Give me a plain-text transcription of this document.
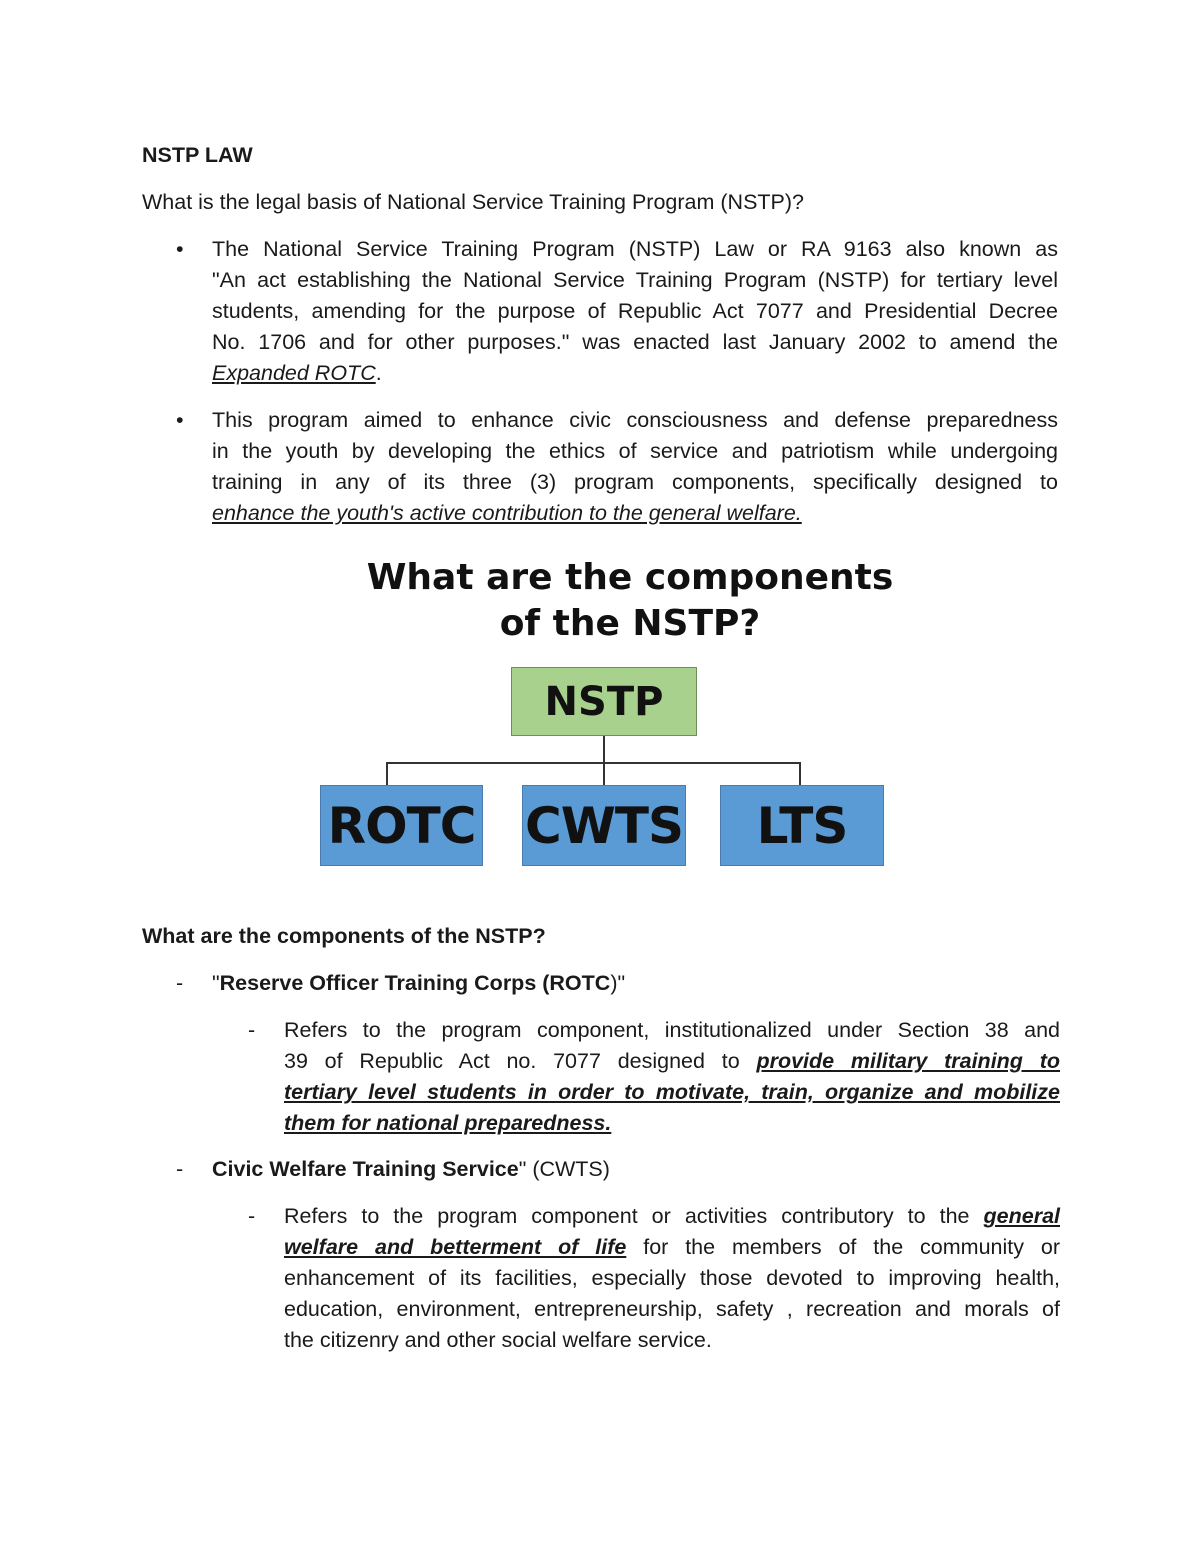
NSTP LAW
What is the legal basis of National Service Training Program (NSTP)?
• The National Service Training Program (NSTP) Law or RA 9163 also known as
"An act establishing the National Service Training Program (NSTP) for tertiary level
students, amending for the purpose of Republic Act 7077 and Presidential Decree
No. 1706 and for other purposes." was enacted last January 2002 to amend the
Expanded ROTC.
• This program aimed to enhance civic consciousness and defense preparedness
in the youth by developing the ethics of service and patriotism while undergoing
training in any of its three (3) program components, specifically designed to
enhance the youth's active contribution to the general welfare.
What are the components
of the NSTP?
NSTP
ROTC CWTS	LTS
What are the components of the NSTP?
- "Reserve Officer Training Corps (ROTC)"
- Refers to the program component, institutionalized under Section 38 and
39 of Republic Act no. 7077 designed to provide military training to
tertiary level students in order to motivate, train, organize and mobilize
them for national preparedness.
- Civic Welfare Training Service" (CWTS)
- Refers to the program component or activities contributory to the general
welfare and betterment of life for the members of the community or
enhancement of its facilities, especially those devoted to improving health,
education, environment, entrepreneurship, safety , recreation and morals of
the citizenry and other social welfare service.
